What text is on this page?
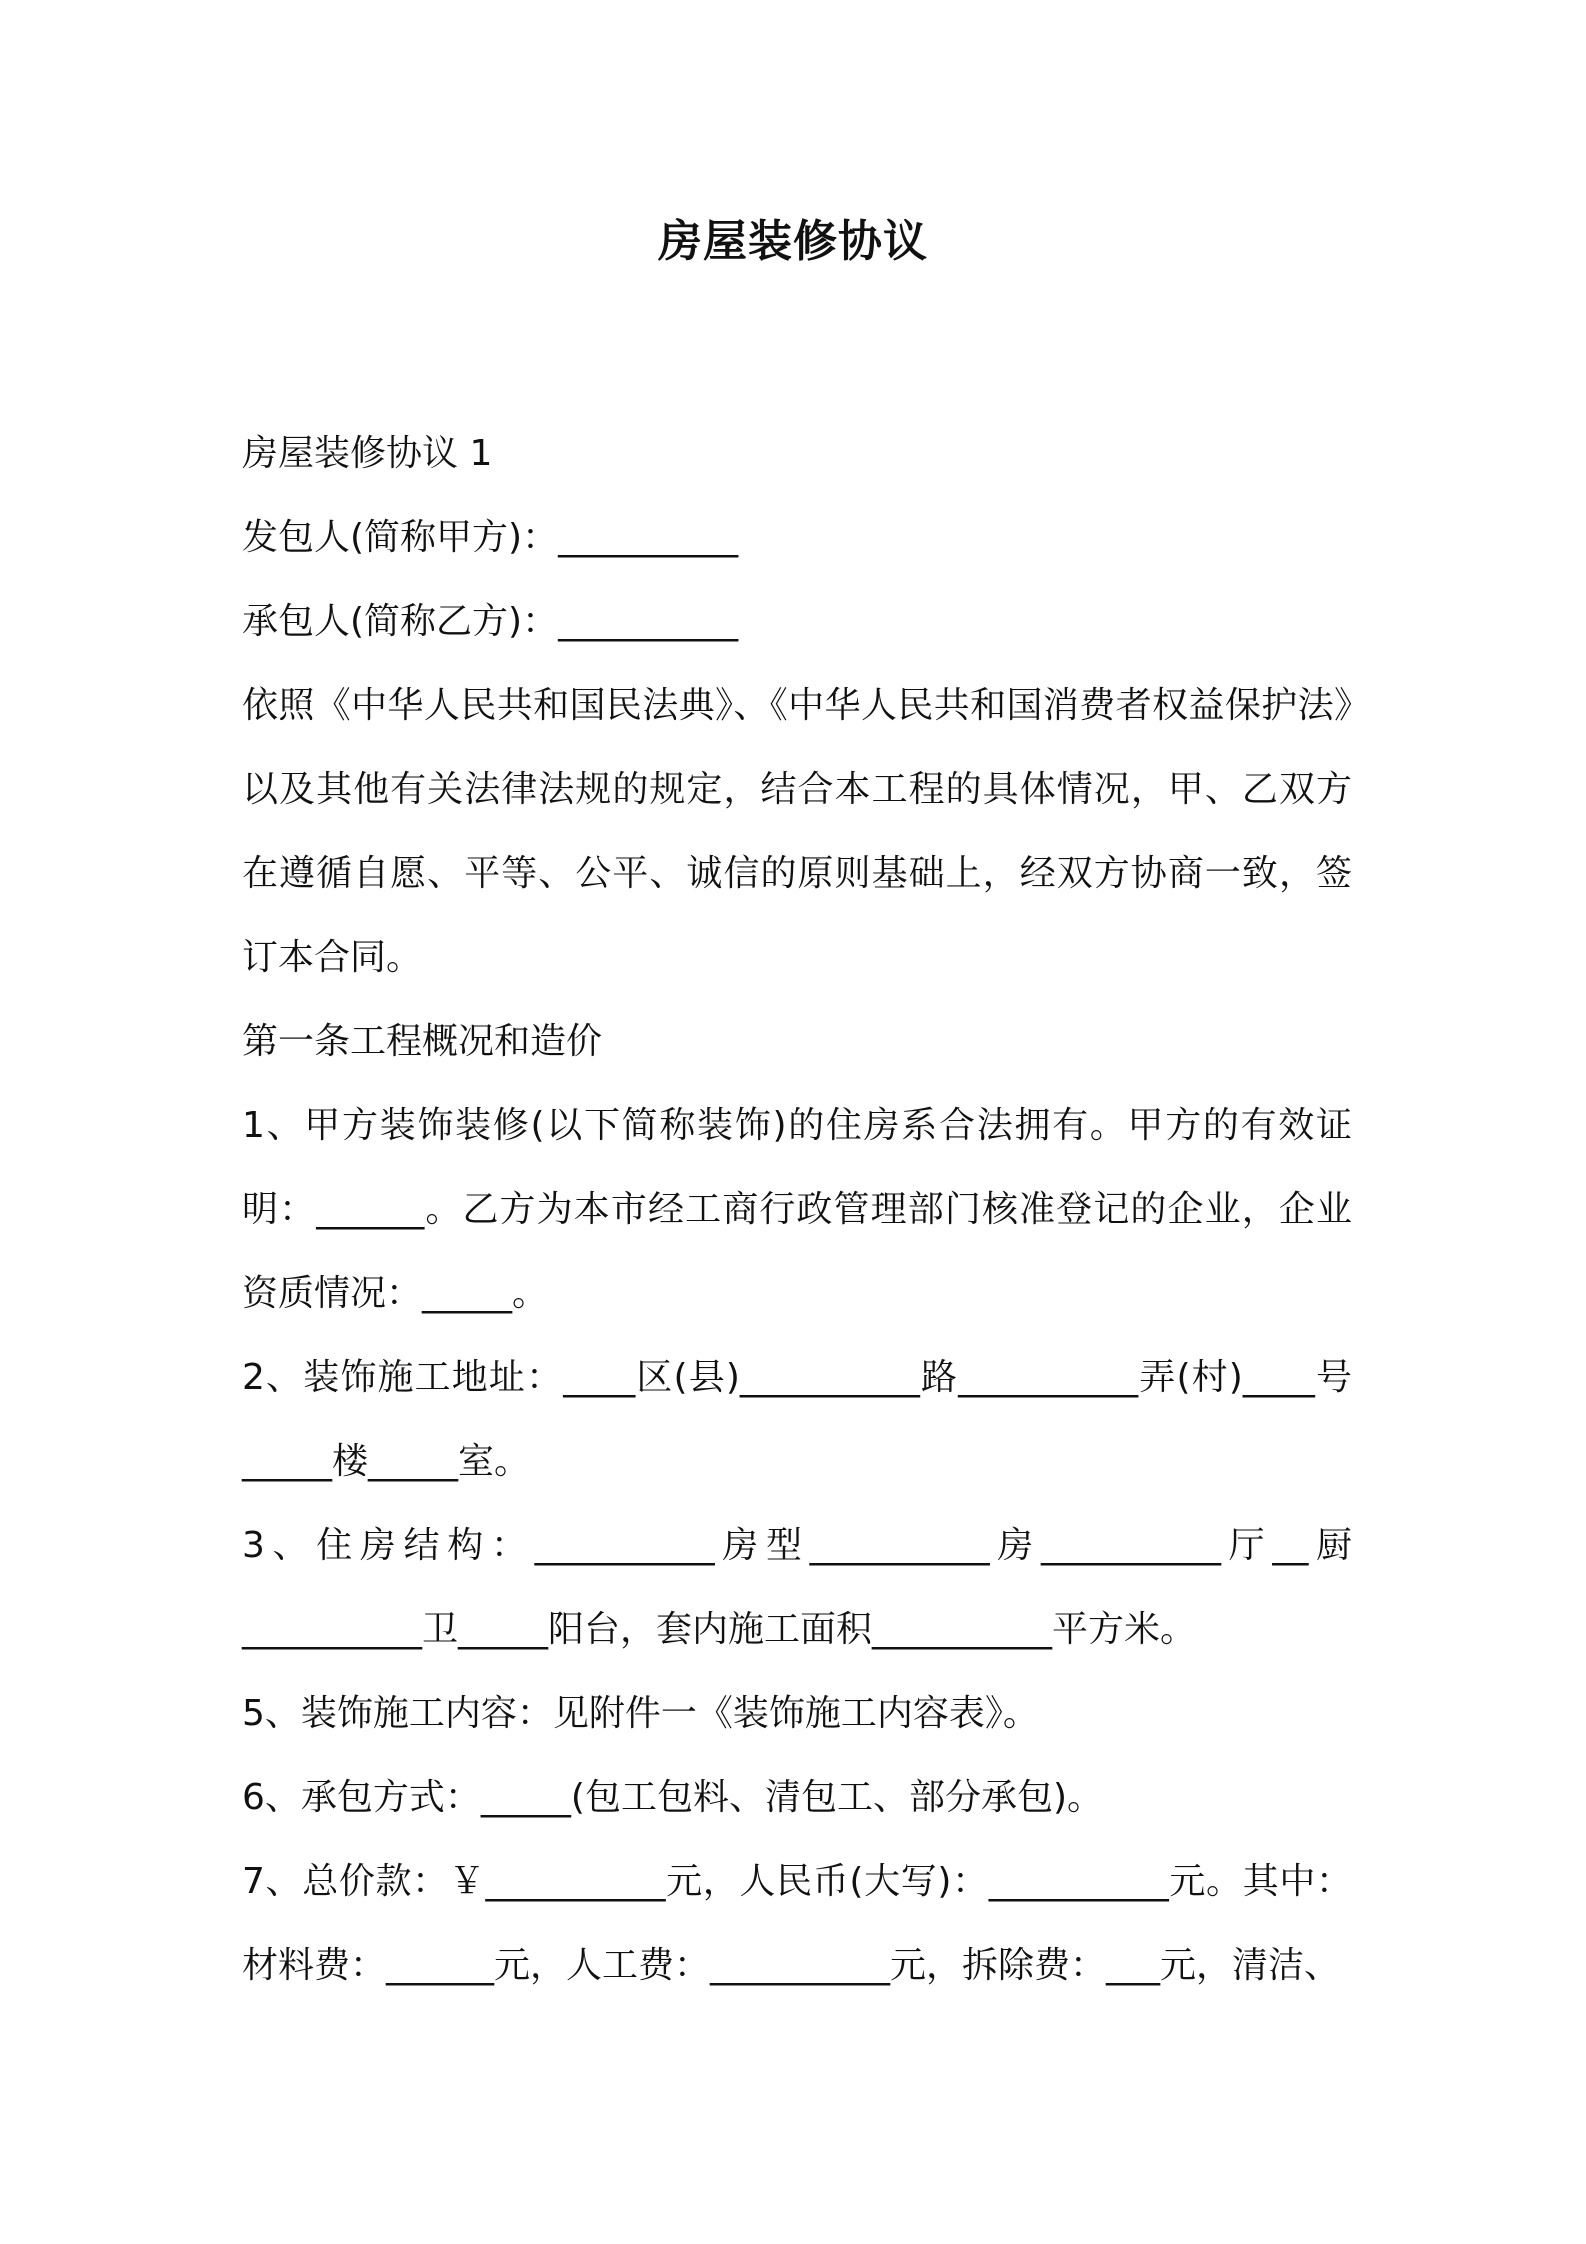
房屋装修协议

房屋装修协议 1

发包人(简称甲方)：__________

承包人(简称乙方)：__________

依照《中华人民共和国民法典》、《中华人民共和国消费者权益保护法》以及其他有关法律法规的规定，结合本工程的具体情况，甲、乙双方在遵循自愿、平等、公平、诚信的原则基础上，经双方协商一致，签订本合同。

第一条工程概况和造价

1、甲方装饰装修(以下简称装饰)的住房系合法拥有。甲方的有效证明：______。乙方为本市经工商行政管理部门核准登记的企业，企业资质情况：_____。

2、装饰施工地址：____区(县)__________路__________弄(村)____号_____楼_____室。

3、住房结构：__________房型__________房__________厅__厨__________卫_____阳台，套内施工面积__________平方米。

5、装饰施工内容：见附件一《装饰施工内容表》。

6、承包方式：_____(包工包料、清包工、部分承包)。

7、总价款：￥__________元，人民币(大写)：__________元。其中：材料费：______元，人工费：__________元，拆除费：___元，清洁、
